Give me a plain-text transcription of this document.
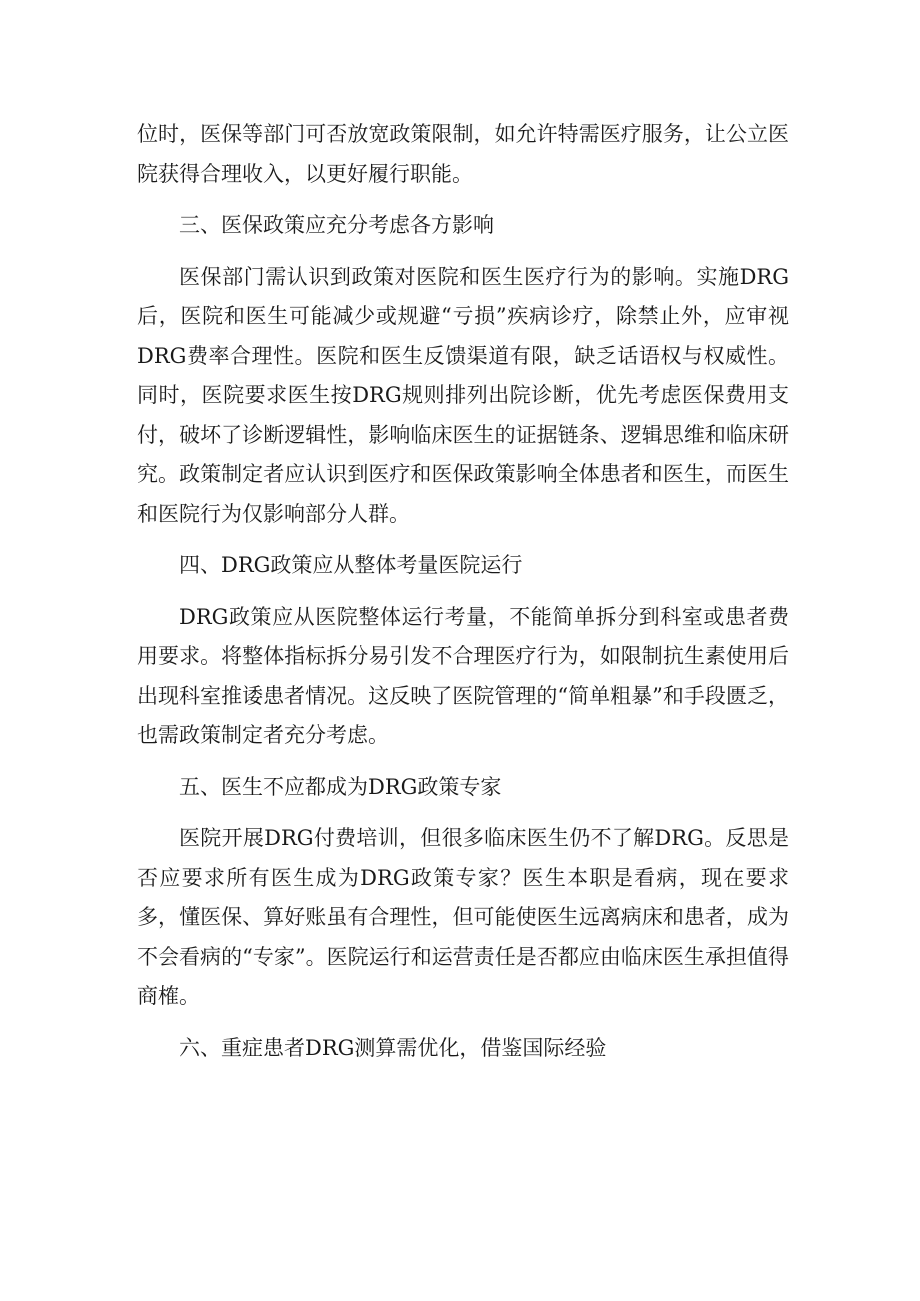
位时，医保等部门可否放宽政策限制，如允许特需医疗服务，让公立医院获得合理收入，以更好履行职能。

三、医保政策应充分考虑各方影响

医保部门需认识到政策对医院和医生医疗行为的影响。实施DRG后，医院和医生可能减少或规避“亏损”疾病诊疗，除禁止外，应审视DRG费率合理性。医院和医生反馈渠道有限，缺乏话语权与权威性。同时，医院要求医生按DRG规则排列出院诊断，优先考虑医保费用支付，破坏了诊断逻辑性，影响临床医生的证据链条、逻辑思维和临床研究。政策制定者应认识到医疗和医保政策影响全体患者和医生，而医生和医院行为仅影响部分人群。

四、DRG政策应从整体考量医院运行

DRG政策应从医院整体运行考量，不能简单拆分到科室或患者费用要求。将整体指标拆分易引发不合理医疗行为，如限制抗生素使用后出现科室推诿患者情况。这反映了医院管理的“简单粗暴”和手段匮乏，也需政策制定者充分考虑。

五、医生不应都成为DRG政策专家

医院开展DRG付费培训，但很多临床医生仍不了解DRG。反思是否应要求所有医生成为DRG政策专家？医生本职是看病，现在要求多，懂医保、算好账虽有合理性，但可能使医生远离病床和患者，成为不会看病的“专家”。医院运行和运营责任是否都应由临床医生承担值得商榷。

六、重症患者DRG测算需优化，借鉴国际经验
